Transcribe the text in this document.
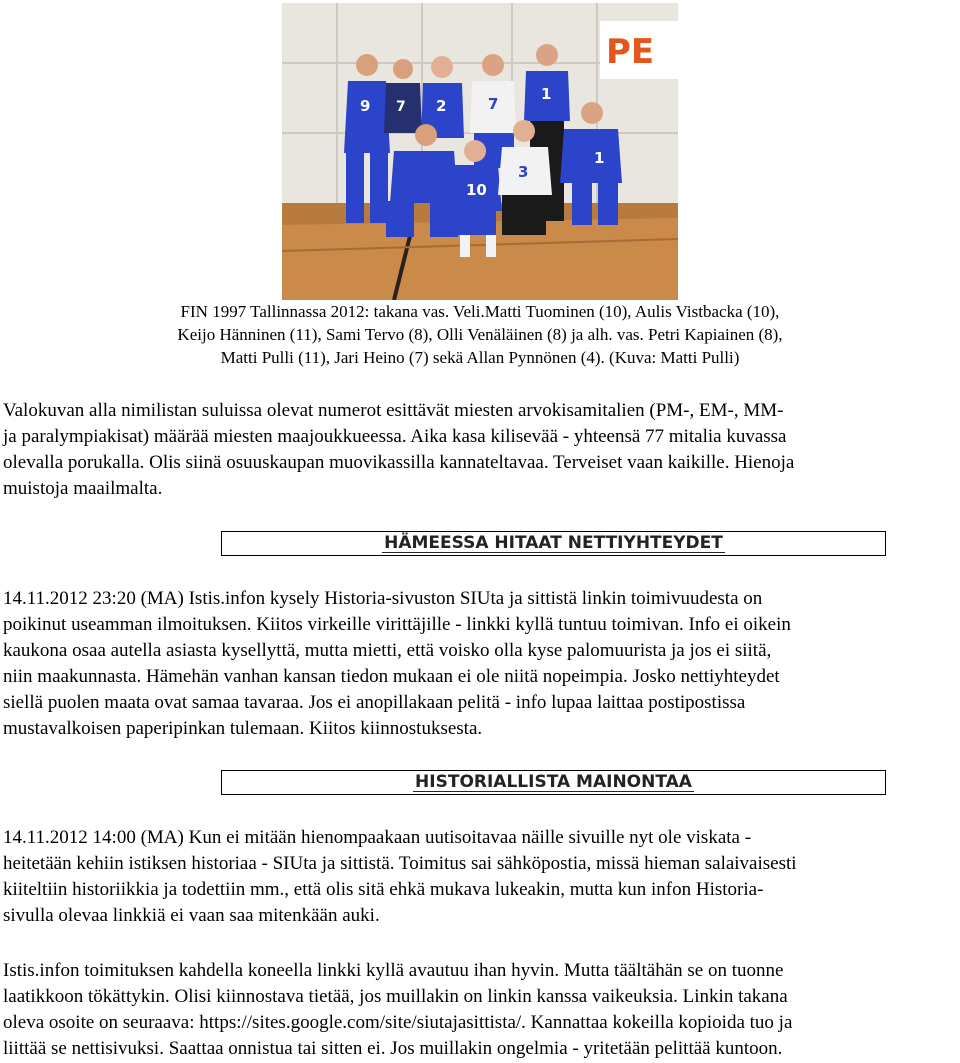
PE
9 7 2	7
1
10
3
1
FIN 1997 Tallinnassa 2012: takana vas. Veli.Matti Tuominen (10), Aulis Vistbacka (10),
Keijo Hänninen (11), Sami Tervo (8), Olli Venäläinen (8) ja alh. vas. Petri Kapiainen (8),
Matti Pulli (11), Jari Heino (7) sekä Allan Pynnönen (4). (Kuva: Matti Pulli)
Valokuvan alla nimilistan suluissa olevat numerot esittävät miesten arvokisamitalien (PM-, EM-, MM-
ja paralympiakisat) määrää miesten maajoukkueessa. Aika kasa kilisevää - yhteensä 77 mitalia kuvassa
olevalla porukalla. Olis siinä osuuskaupan muovikassilla kannateltavaa. Terveiset vaan kaikille. Hienoja
muistoja maailmalta.
HÄMEESSA HITAAT NETTIYHTEYDET
14.11.2012 23:20 (MA) Istis.infon kysely Historia-sivuston SIUta ja sittistä linkin toimivuudesta on
poikinut useamman ilmoituksen. Kiitos virkeille virittäjille - linkki kyllä tuntuu toimivan. Info ei oikein
kaukona osaa autella asiasta kysellyttä, mutta mietti, että voisko olla kyse palomuurista ja jos ei siitä,
niin maakunnasta. Hämehän vanhan kansan tiedon mukaan ei ole niitä nopeimpia. Josko nettiyhteydet
siellä puolen maata ovat samaa tavaraa. Jos ei anopillakaan pelitä - info lupaa laittaa postipostissa
mustavalkoisen paperipinkan tulemaan. Kiitos kiinnostuksesta.
HISTORIALLISTA MAINONTAA
14.11.2012 14:00 (MA) Kun ei mitään hienompaakaan uutisoitavaa näille sivuille nyt ole viskata -
heitetään kehiin istiksen historiaa - SIUta ja sittistä. Toimitus sai sähköpostia, missä hieman salaivaisesti
kiiteltiin historiikkia ja todettiin mm., että olis sitä ehkä mukava lukeakin, mutta kun infon Historia-
sivulla olevaa linkkiä ei vaan saa mitenkään auki.
Istis.infon toimituksen kahdella koneella linkki kyllä avautuu ihan hyvin. Mutta täältähän se on tuonne
laatikkoon tökättykin. Olisi kiinnostava tietää, jos muillakin on linkin kanssa vaikeuksia. Linkin takana
oleva osoite on seuraava: https://sites.google.com/site/siutajasittista/. Kannattaa kokeilla kopioida tuo ja
liittää se nettisivuksi. Saattaa onnistua tai sitten ei. Jos muillakin ongelmia - yritetään pelittää kuntoon.
